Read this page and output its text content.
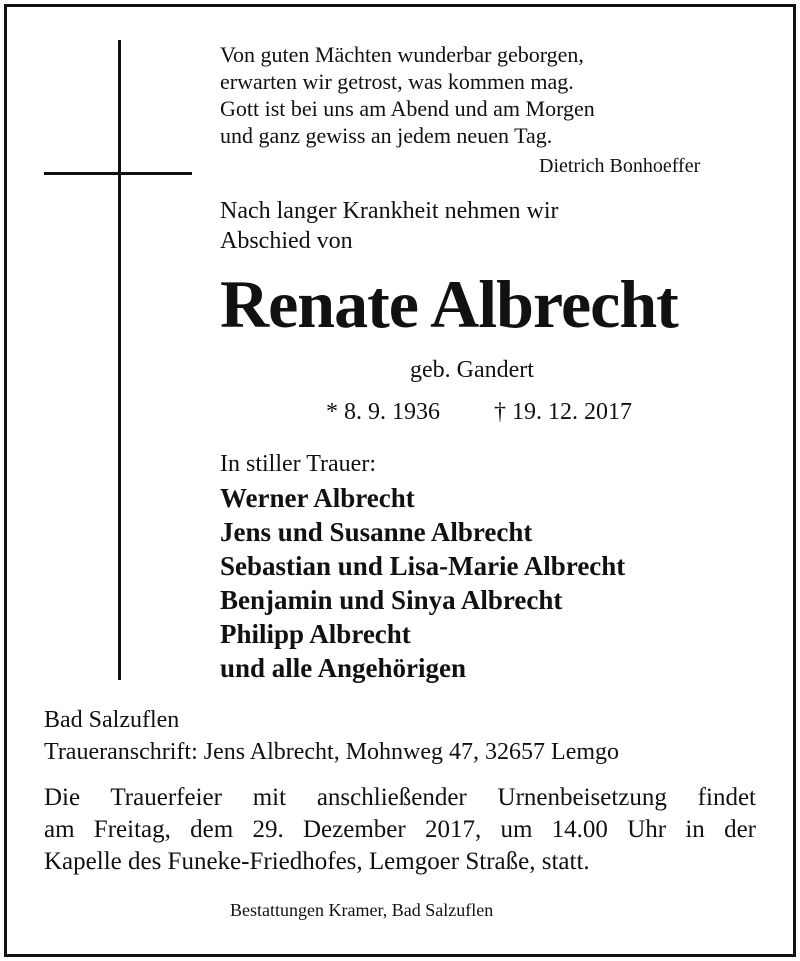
Von guten Mächten wunderbar geborgen,
erwarten wir getrost, was kommen mag.
Gott ist bei uns am Abend und am Morgen
und ganz gewiss an jedem neuen Tag.
Dietrich Bonhoeffer
Nach langer Krankheit nehmen wir
Abschied von
Renate Albrecht
geb. Gandert
* 8. 9. 1936 † 19. 12. 2017
In stiller Trauer:
Werner Albrecht
Jens und Susanne Albrecht
Sebastian und Lisa-Marie Albrecht
Benjamin und Sinya Albrecht
Philipp Albrecht
und alle Angehörigen
Bad Salzuflen
Traueranschrift: Jens Albrecht, Mohnweg 47, 32657 Lemgo
Die Trauerfeier mit anschließender Urnenbeisetzung findet
am Freitag, dem 29. Dezember 2017, um 14.00 Uhr in der
Kapelle des Funeke-Friedhofes, Lemgoer Straße, statt.
Bestattungen Kramer, Bad Salzuflen
